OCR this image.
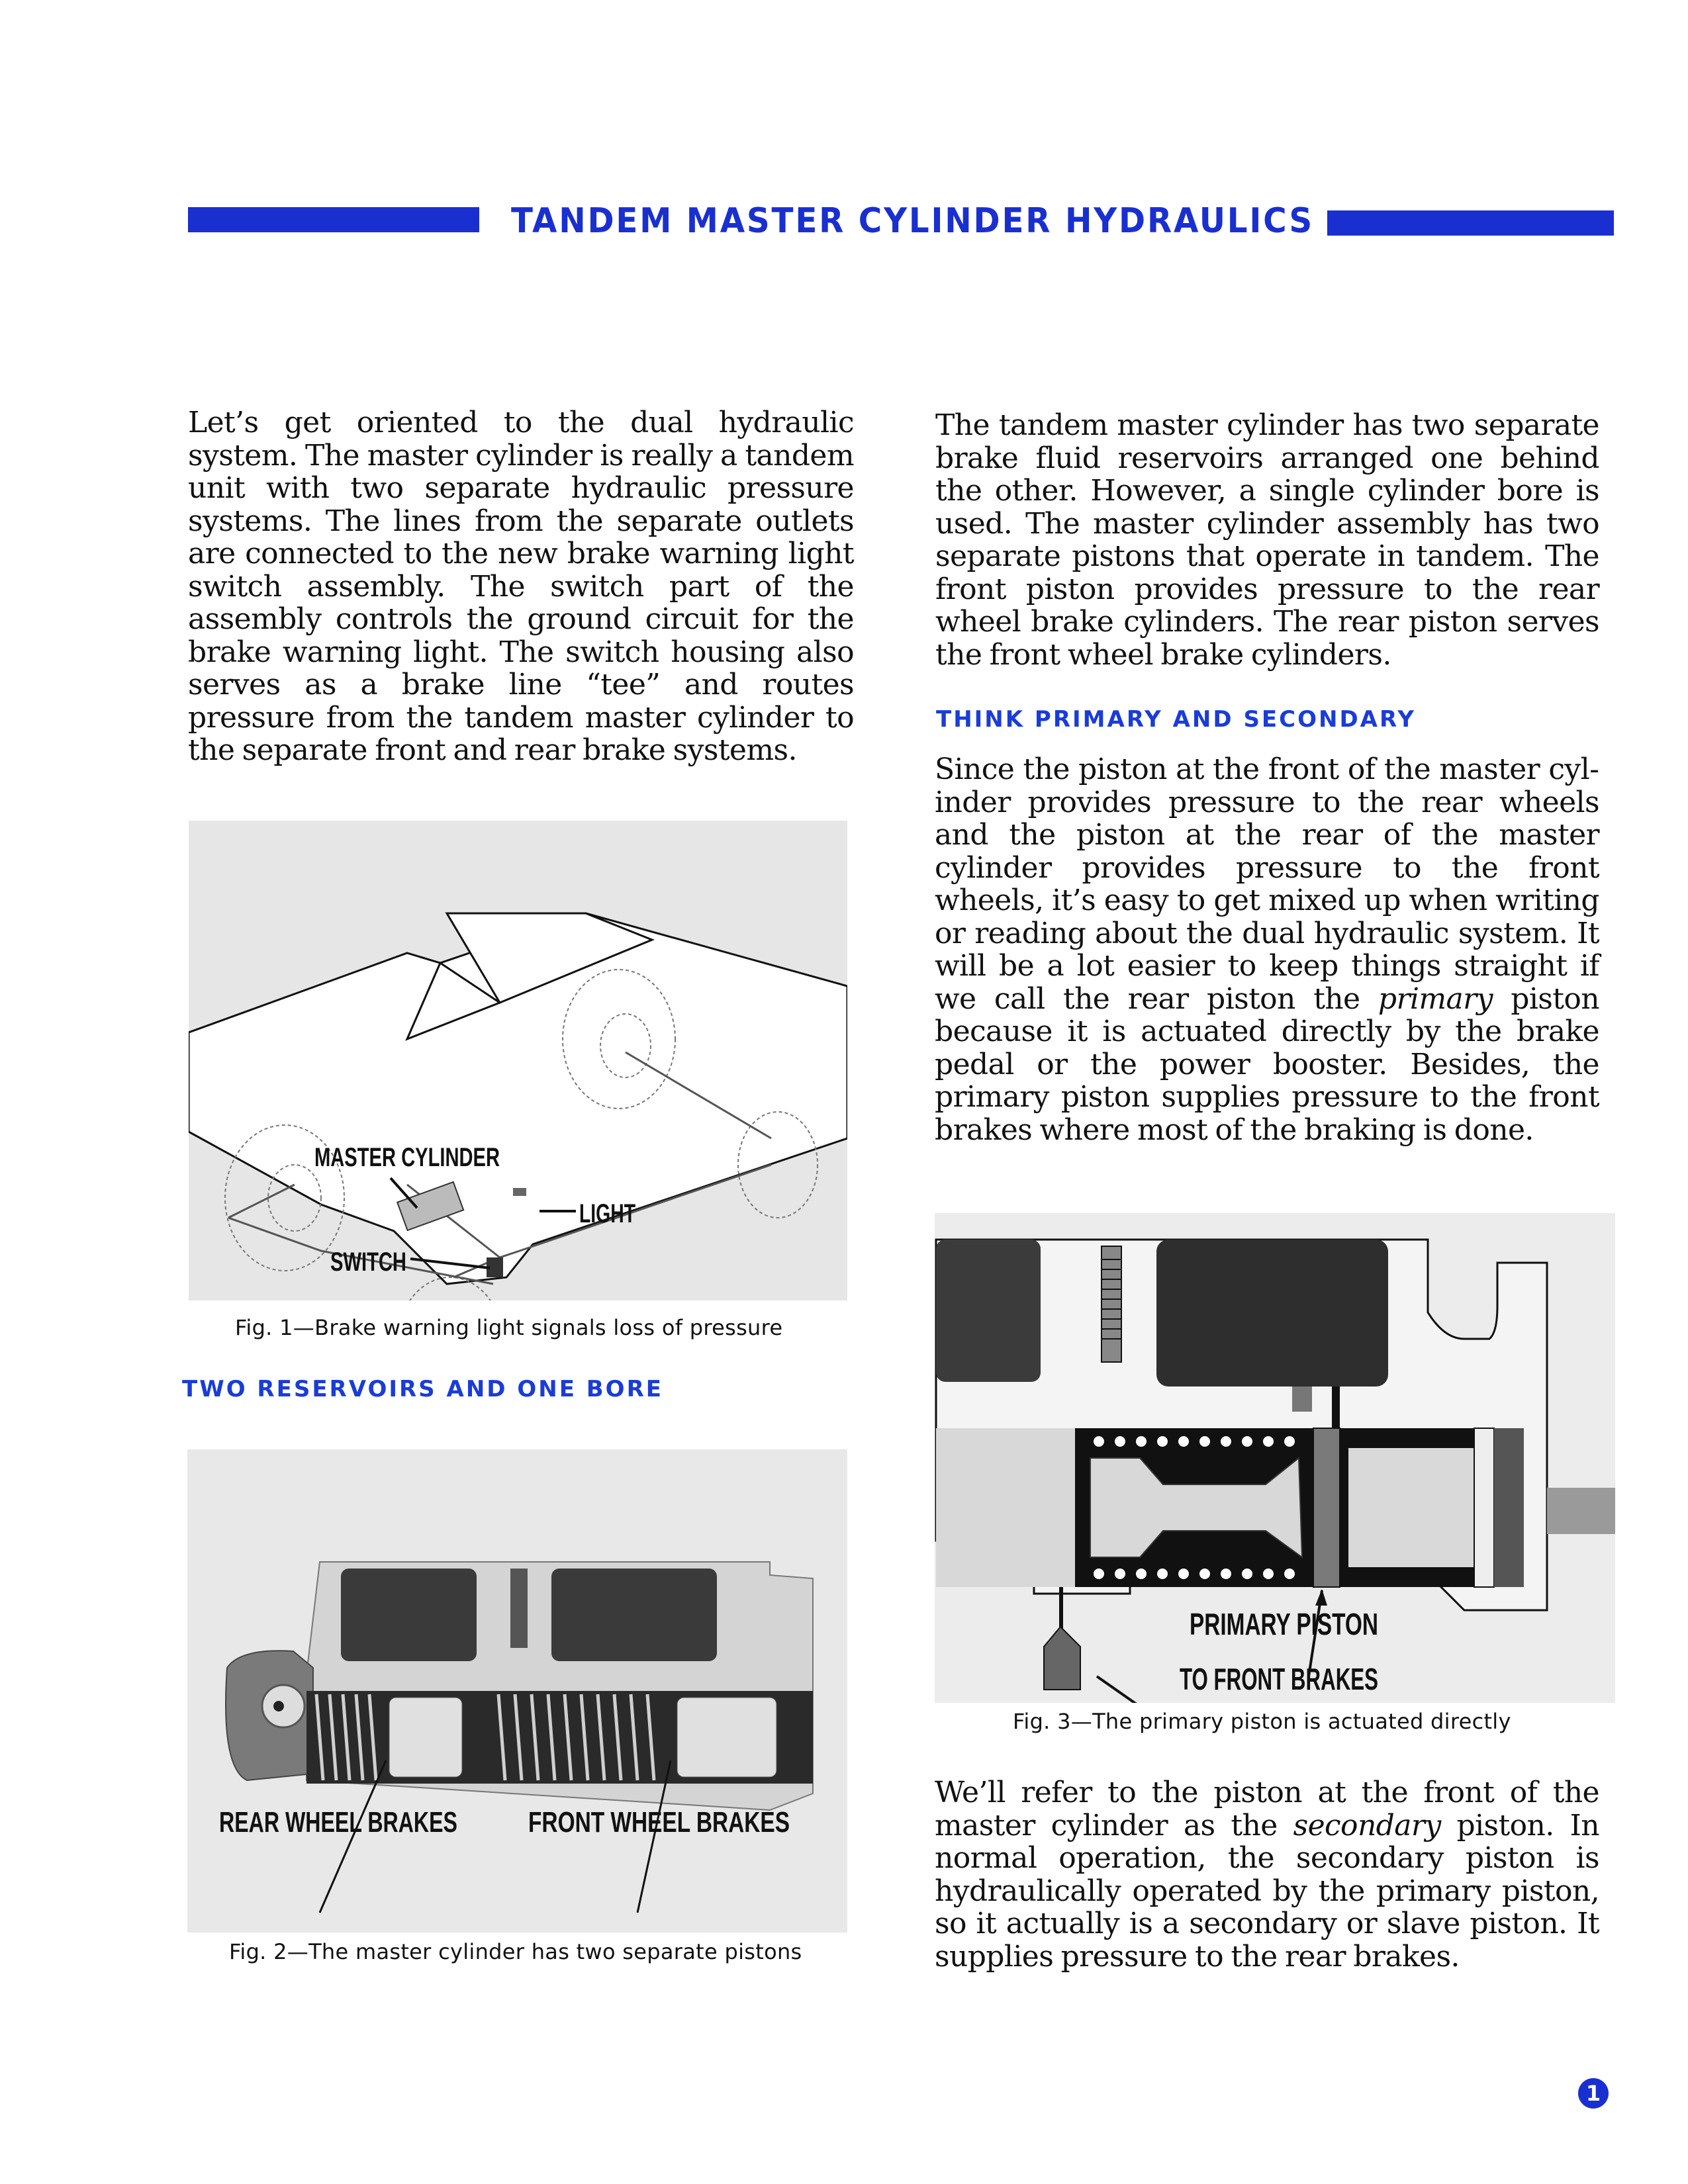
TANDEM MASTER CYLINDER HYDRAULICS

Let’s get oriented to the dual hydraulic system. The master cylinder is really a tandem unit with two separate hydraulic pressure systems. The lines from the separate outlets are connected to the new brake warning light switch assembly. The switch part of the assembly controls the ground circuit for the brake warning light. The switch housing also serves as a brake line “tee” and routes pressure from the tandem master cylinder to the separate front and rear brake systems.

MASTER CYLINDER
LIGHT
SWITCH
Fig. 1—Brake warning light signals loss of pressure
TWO RESERVOIRS AND ONE BORE
REAR WHEEL BRAKES FRONT WHEEL BRAKES
Fig. 2—The master cylinder has two separate pistons

The tandem master cylinder has two separate brake fluid reservoirs arranged one behind the other. However, a single cylinder bore is used. The master cylinder assembly has two separate pistons that operate in tandem. The front piston provides pressure to the rear wheel brake cylinders. The rear piston serves the front wheel brake cylinders.

THINK PRIMARY AND SECONDARY

Since the piston at the front of the master cylinder provides pressure to the rear wheels and the piston at the rear of the master cylinder provides pressure to the front wheels, it’s easy to get mixed up when writing or reading about the dual hydraulic system. It will be a lot easier to keep things straight if we call the rear piston the primary piston because it is actuated directly by the brake pedal or the power booster. Besides, the primary piston supplies pressure to the front brakes where most of the braking is done.

PRIMARY PISTON
TO FRONT BRAKES
Fig. 3—The primary piston is actuated directly

We’ll refer to the piston at the front of the master cylinder as the secondary piston. In normal operation, the secondary piston is hydraulically operated by the primary piston, so it actually is a secondary or slave piston. It supplies pressure to the rear brakes.

1
